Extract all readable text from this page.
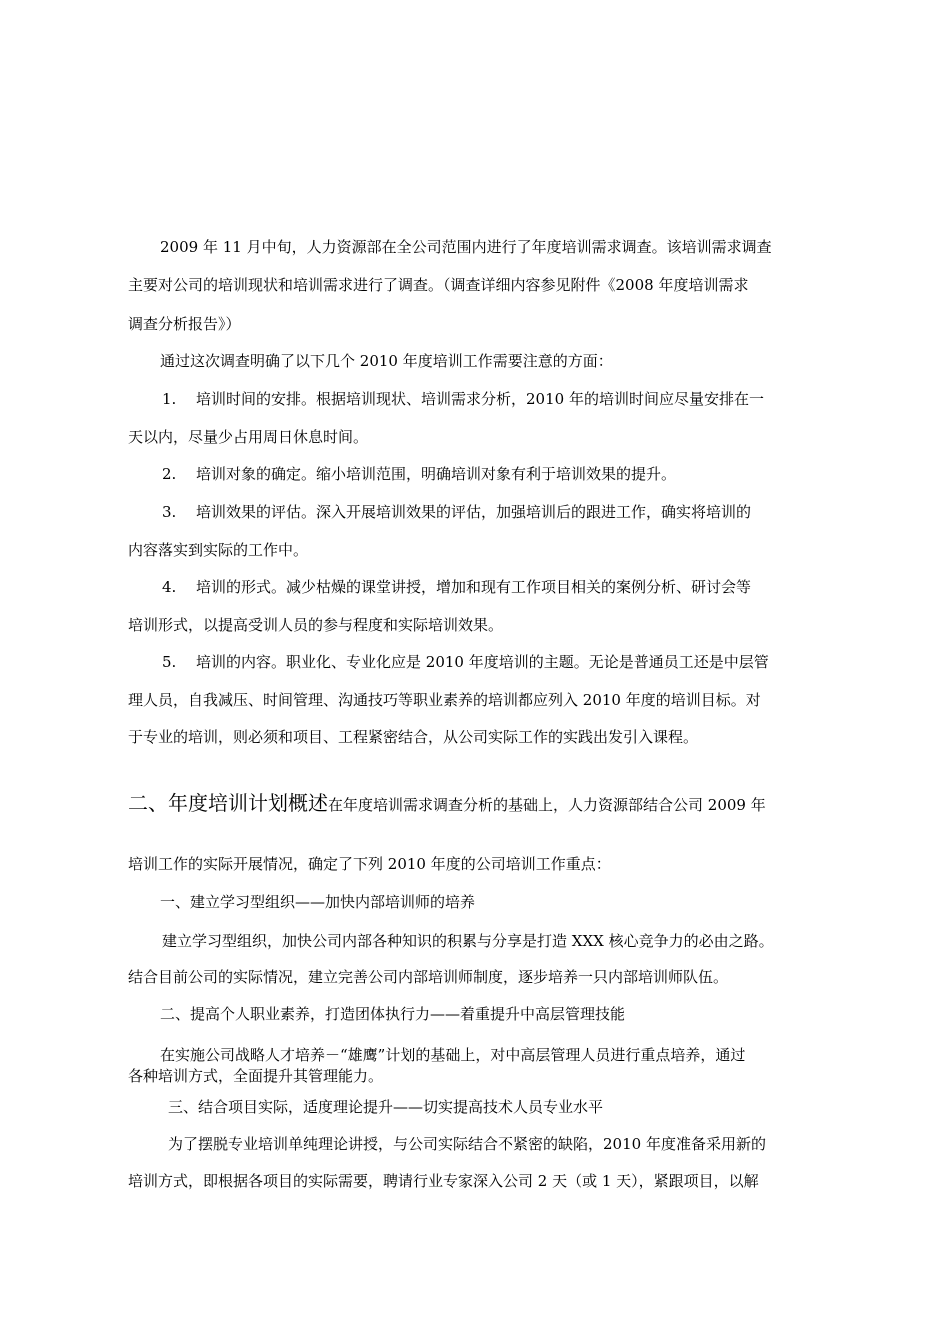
2009 年 11 月中旬，人力资源部在全公司范围内进行了年度培训需求调查。该培训需求调查
主要对公司的培训现状和培训需求进行了调查。（调查详细内容参见附件《2008 年度培训需求
调查分析报告》）
通过这次调查明确了以下几个 2010 年度培训工作需要注意的方面：
1. 培训时间的安排。根据培训现状、培训需求分析，2010 年的培训时间应尽量安排在一
天以内，尽量少占用周日休息时间。
2. 培训对象的确定。缩小培训范围，明确培训对象有利于培训效果的提升。
3. 培训效果的评估。深入开展培训效果的评估，加强培训后的跟进工作，确实将培训的
内容落实到实际的工作中。
4. 培训的形式。减少枯燥的课堂讲授，增加和现有工作项目相关的案例分析、研讨会等
培训形式，以提高受训人员的参与程度和实际培训效果。
5. 培训的内容。职业化、专业化应是 2010 年度培训的主题。无论是普通员工还是中层管
理人员，自我减压、时间管理、沟通技巧等职业素养的培训都应列入 2010 年度的培训目标。对
于专业的培训，则必须和项目、工程紧密结合，从公司实际工作的实践出发引入课程。
二、年度培训计划概述在年度培训需求调查分析的基础上，人力资源部结合公司 2009 年
培训工作的实际开展情况，确定了下列 2010 年度的公司培训工作重点：
一、建立学习型组织——加快内部培训师的培养
建立学习型组织，加快公司内部各种知识的积累与分享是打造 XXX 核心竞争力的必由之路。
结合目前公司的实际情况，建立完善公司内部培训师制度，逐步培养一只内部培训师队伍。
二、提高个人职业素养，打造团体执行力——着重提升中高层管理技能
在实施公司战略人才培养－“雄鹰”计划的基础上，对中高层管理人员进行重点培养，通过
各种培训方式，全面提升其管理能力。
三、结合项目实际，适度理论提升——切实提高技术人员专业水平
为了摆脱专业培训单纯理论讲授，与公司实际结合不紧密的缺陷，2010 年度准备采用新的
培训方式，即根据各项目的实际需要，聘请行业专家深入公司 2 天（或 1 天），紧跟项目，以解
